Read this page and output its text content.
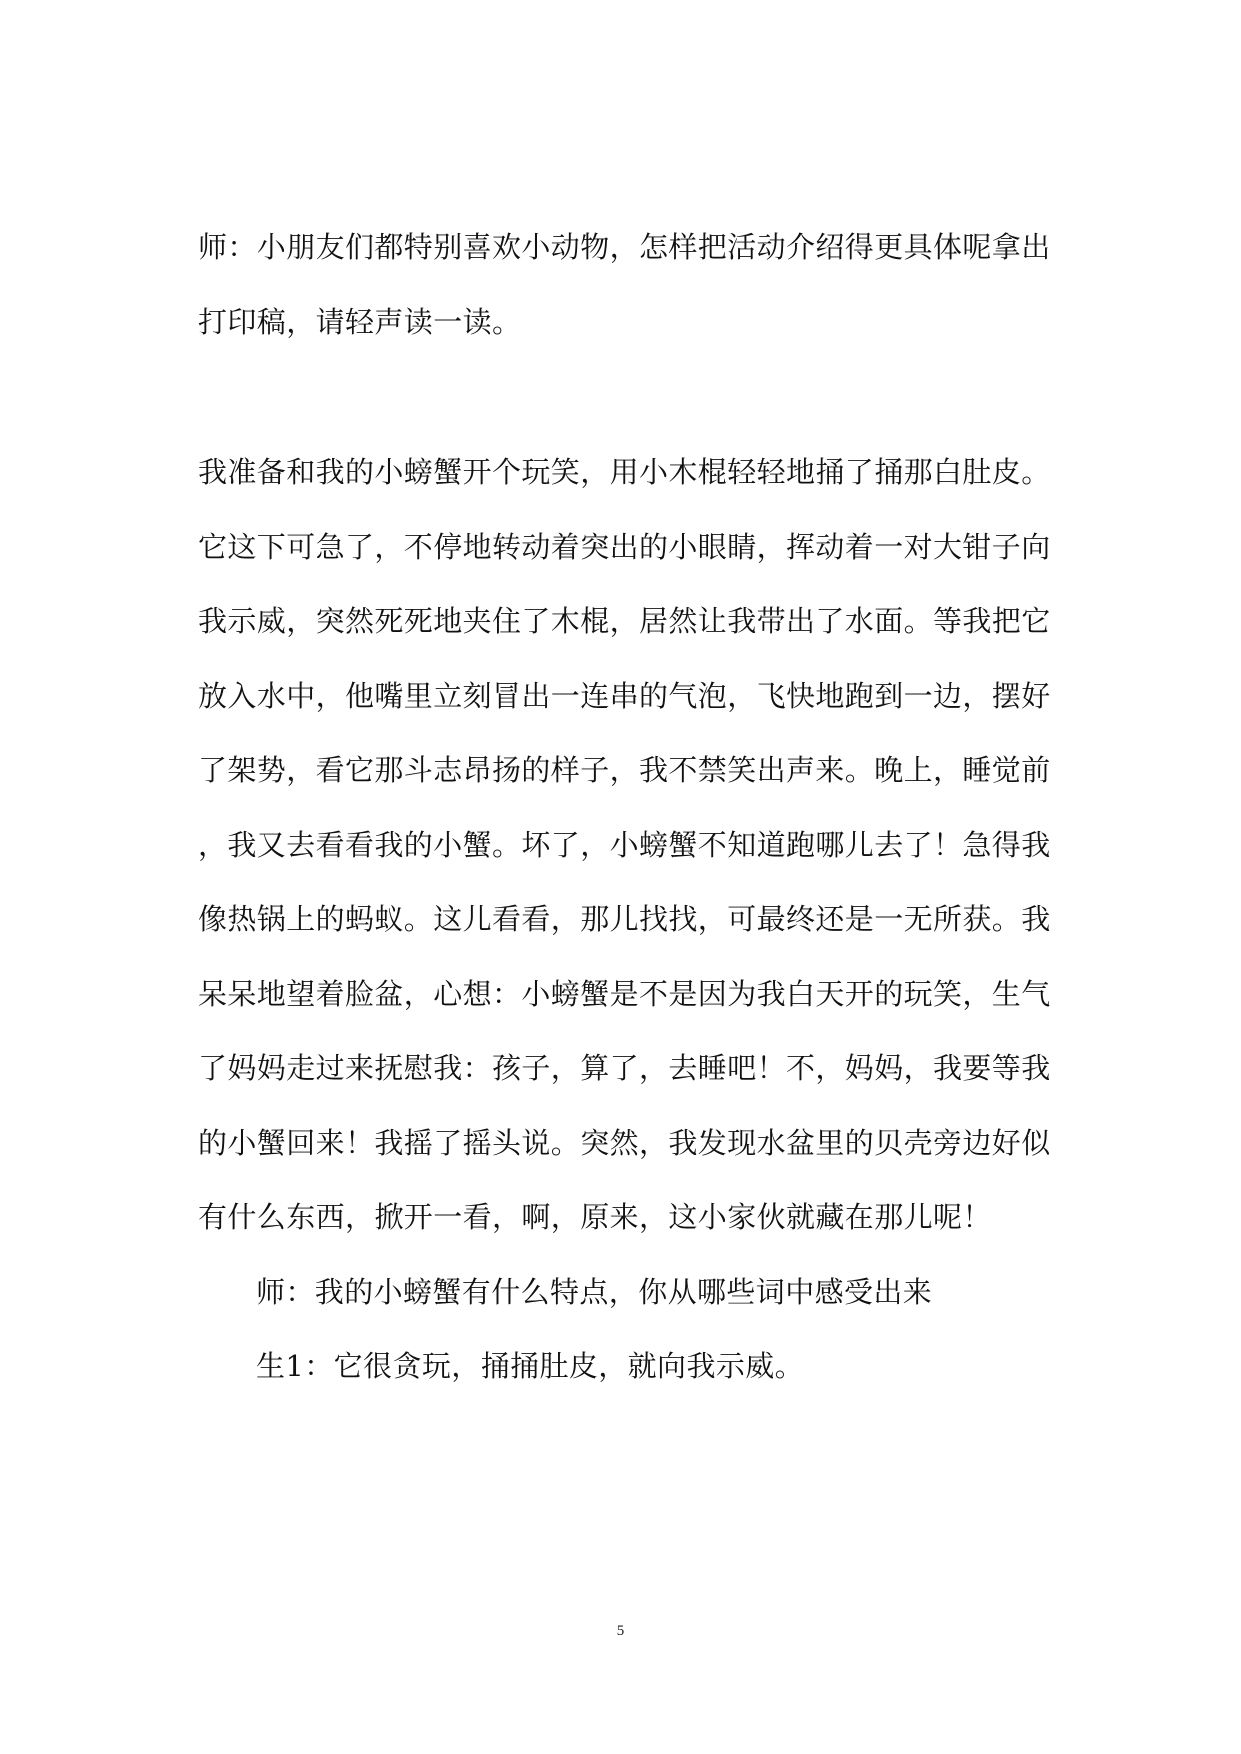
师：小朋友们都特别喜欢小动物，怎样把活动介绍得更具体呢拿出
打印稿，请轻声读一读。
我准备和我的小螃蟹开个玩笑，用小木棍轻轻地捅了捅那白肚皮。
它这下可急了，不停地转动着突出的小眼睛，挥动着一对大钳子向
我示威，突然死死地夹住了木棍，居然让我带出了水面。等我把它
放入水中，他嘴里立刻冒出一连串的气泡，飞快地跑到一边，摆好
了架势，看它那斗志昂扬的样子，我不禁笑出声来。晚上，睡觉前
，我又去看看我的小蟹。坏了，小螃蟹不知道跑哪儿去了！急得我
像热锅上的蚂蚁。这儿看看，那儿找找，可最终还是一无所获。我
呆呆地望着脸盆，心想：小螃蟹是不是因为我白天开的玩笑，生气
了妈妈走过来抚慰我：孩子，算了，去睡吧！不，妈妈，我要等我
的小蟹回来！我摇了摇头说。突然，我发现水盆里的贝壳旁边好似
有什么东西，掀开一看，啊，原来，这小家伙就藏在那儿呢！
师：我的小螃蟹有什么特点，你从哪些词中感受出来
生1：它很贪玩，捅捅肚皮，就向我示威。
5
